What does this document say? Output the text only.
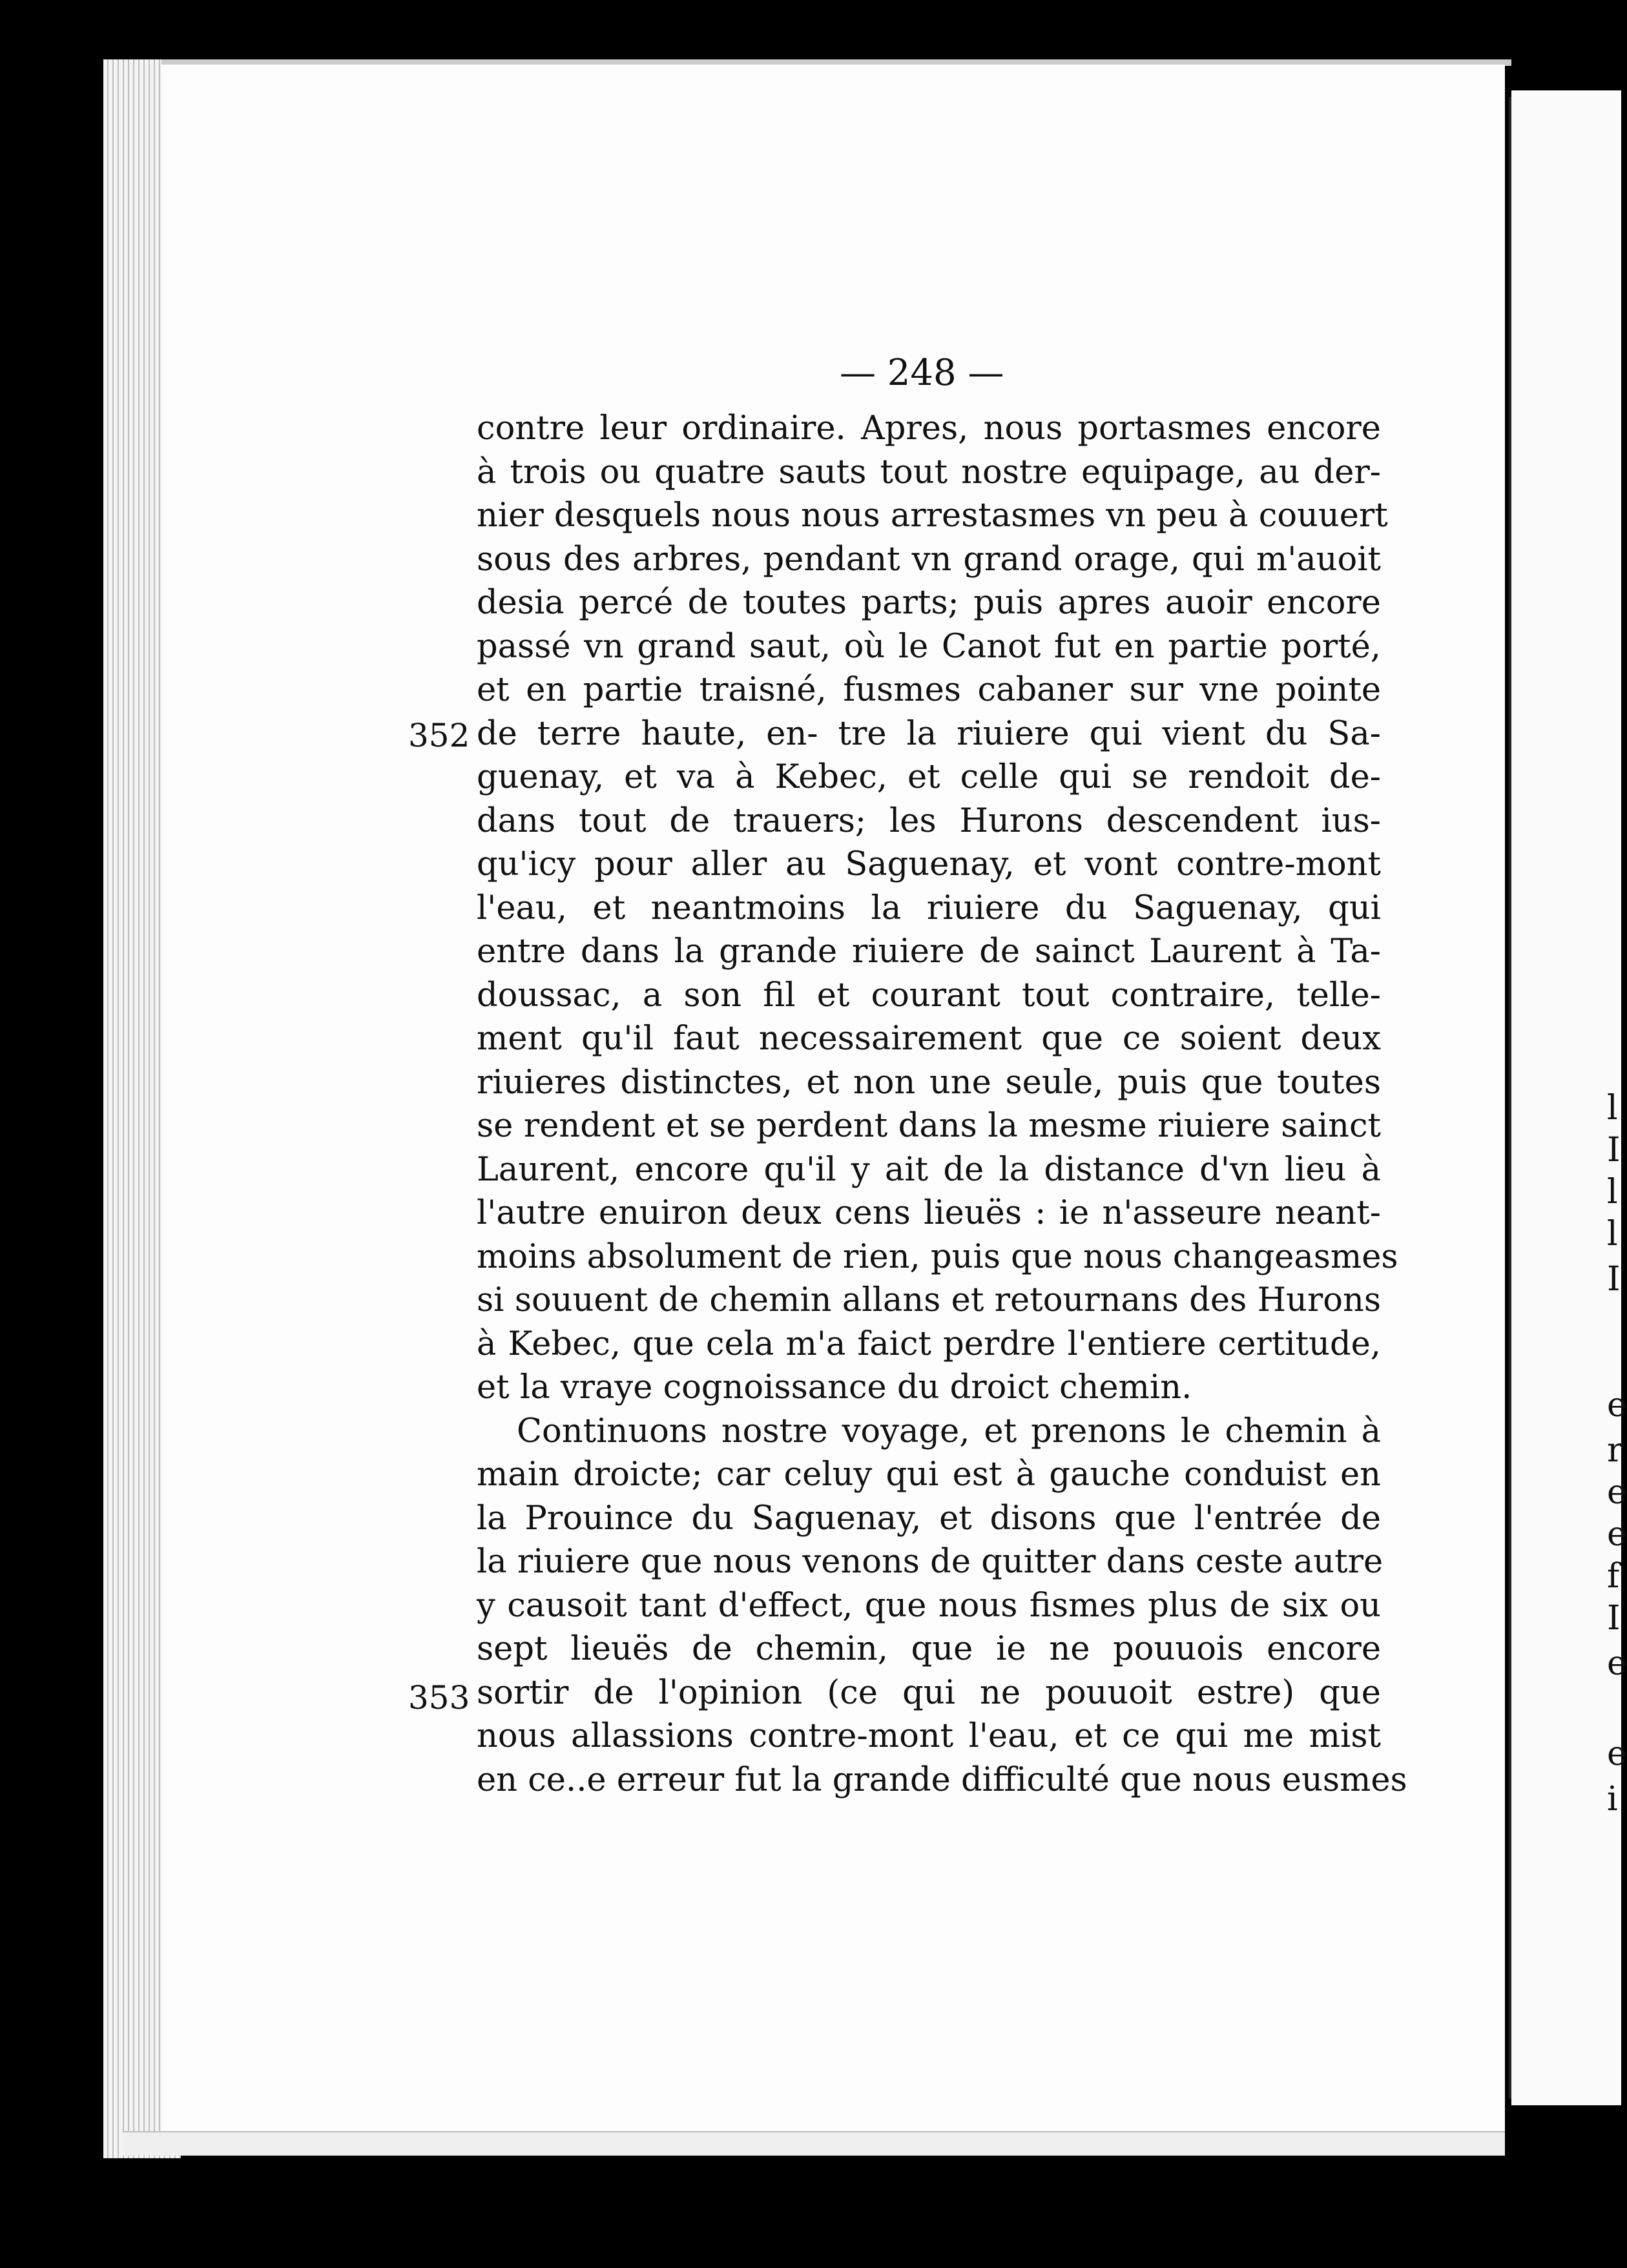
l
I
l
l
I
e
r
e
e
f
I
e
e
i
— 248 —
352
353
contre leur ordinaire. Apres, nous portasmes encore
à trois ou quatre sauts tout nostre equipage, au der-
nier desquels nous nous arrestasmes vn peu à couuert
sous des arbres, pendant vn grand orage, qui m'auoit
desia percé de toutes parts; puis apres auoir encore
passé vn grand saut, où le Canot fut en partie porté,
et en partie traisné, fusmes cabaner sur vne pointe
de terre haute, en- tre la riuiere qui vient du Sa-
guenay, et va à Kebec, et celle qui se rendoit de-
dans tout de trauers; les Hurons descendent ius-
qu'icy pour aller au Saguenay, et vont contre-mont
l'eau, et neantmoins la riuiere du Saguenay, qui
entre dans la grande riuiere de sainct Laurent à Ta-
doussac, a son fil et courant tout contraire, telle-
ment qu'il faut necessairement que ce soient deux
riuieres distinctes, et non une seule, puis que toutes
se rendent et se perdent dans la mesme riuiere sainct
Laurent, encore qu'il y ait de la distance d'vn lieu à
l'autre enuiron deux cens lieuës : ie n'asseure neant-
moins absolument de rien, puis que nous changeasmes
si souuent de chemin allans et retournans des Hurons
à Kebec, que cela m'a faict perdre l'entiere certitude,
et la vraye cognoissance du droict chemin.
Continuons nostre voyage, et prenons le chemin à
main droicte; car celuy qui est à gauche conduist en
la Prouince du Saguenay, et disons que l'entrée de
la riuiere que nous venons de quitter dans ceste autre
y causoit tant d'effect, que nous fismes plus de six ou
sept lieuës de chemin, que ie ne pouuois encore
sortir de l'opinion (ce qui ne pouuoit estre) que
nous allassions contre-mont l'eau, et ce qui me mist
en ce..e erreur fut la grande difficulté que nous eusmes
